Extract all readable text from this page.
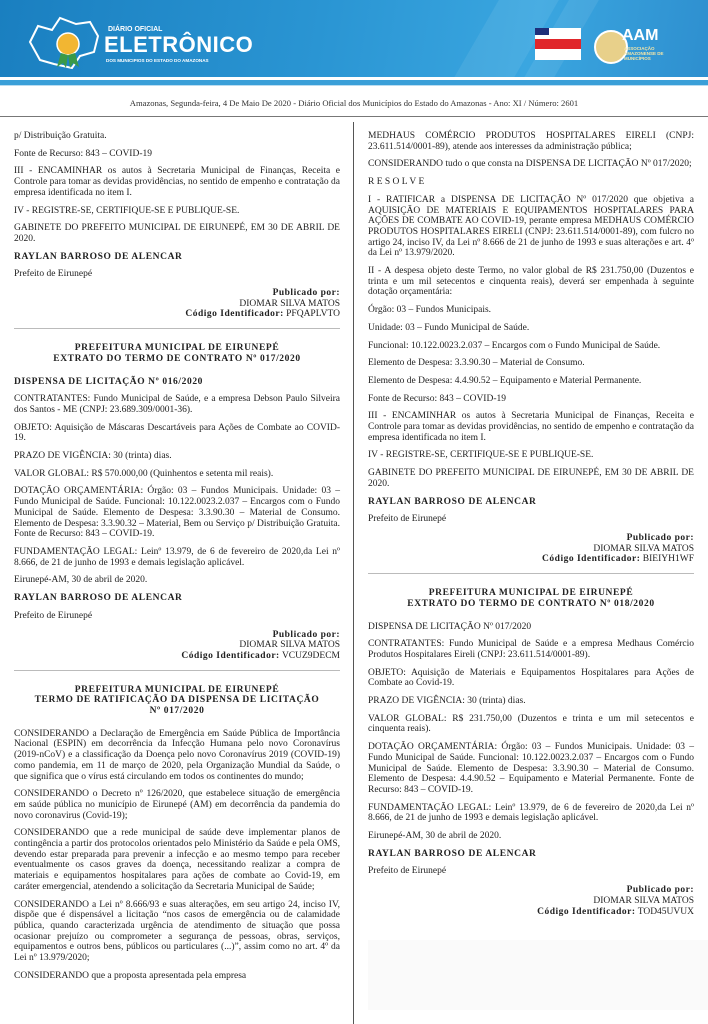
DIÁRIO OFICIAL
ELETRÔNICO
DOS MUNICIPIOS DO ESTADO DO AMAZONAS
AAM
ASSOCIAÇÃO AMAZONENSE DE MUNICÍPIOS
Amazonas, Segunda-feira, 4 De Maio De 2020 - Diário Oficial dos Municípios do Estado do Amazonas - Ano: XI / Número: 2601

p/ Distribuição Gratuita.

Fonte de Recurso: 843 – COVID-19

III - ENCAMINHAR os autos à Secretaria Municipal de Finanças, Receita e Controle para tomar as devidas providências, no sentido de empenho e contratação da empresa identificada no item I.

IV - REGISTRE-SE, CERTIFIQUE-SE E PUBLIQUE-SE.

GABINETE DO PREFEITO MUNICIPAL DE EIRUNEPÉ, EM 30 DE ABRIL DE 2020.

RAYLAN BARROSO DE ALENCAR

Prefeito de Eirunepé

Publicado por:
DIOMAR SILVA MATOS
Código Identificador: PFQAPLVTO
PREFEITURA MUNICIPAL DE EIRUNEPÉ
EXTRATO DO TERMO DE CONTRATO Nº 017/2020

DISPENSA DE LICITAÇÃO Nº 016/2020

CONTRATANTES: Fundo Municipal de Saúde, e a empresa Debson Paulo Silveira dos Santos - ME (CNPJ: 23.689.309/0001-36).

OBJETO: Aquisição de Máscaras Descartáveis para Ações de Combate ao COVID-19.

PRAZO DE VIGÊNCIA: 30 (trinta) dias.

VALOR GLOBAL: R$ 570.000,00 (Quinhentos e setenta mil reais).

DOTAÇÃO ORÇAMENTÁRIA: Órgão: 03 – Fundos Municipais. Unidade: 03 – Fundo Municipal de Saúde. Funcional: 10.122.0023.2.037 – Encargos com o Fundo Municipal de Saúde. Elemento de Despesa: 3.3.90.30 – Material de Consumo. Elemento de Despesa: 3.3.90.32 – Material, Bem ou Serviço p/ Distribuição Gratuita. Fonte de Recurso: 843 – COVID-19.

FUNDAMENTAÇÃO LEGAL: Leinº 13.979, de 6 de fevereiro de 2020,da Lei nº 8.666, de 21 de junho de 1993 e demais legislação aplicável.

Eirunepé-AM, 30 de abril de 2020.

RAYLAN BARROSO DE ALENCAR

Prefeito de Eirunepé

Publicado por:
DIOMAR SILVA MATOS
Código Identificador: VCUZ9DECM
PREFEITURA MUNICIPAL DE EIRUNEPÉ
TERMO DE RATIFICAÇÃO DA DISPENSA DE LICITAÇÃO
Nº 017/2020

CONSIDERANDO a Declaração de Emergência em Saúde Pública de Importância Nacional (ESPIN) em decorrência da Infecção Humana pelo novo Coronavírus (2019-nCoV) e a classificação da Doença pelo novo Coronavírus 2019 (COVID-19) como pandemia, em 11 de março de 2020, pela Organização Mundial da Saúde, o que significa que o vírus está circulando em todos os continentes do mundo;

CONSIDERANDO o Decreto nº 126/2020, que estabelece situação de emergência em saúde pública no município de Eirunepé (AM) em decorrência da pandemia do novo coronavirus (Covid-19);

CONSIDERANDO que a rede municipal de saúde deve implementar planos de contingência a partir dos protocolos orientados pelo Ministério da Saúde e pela OMS, devendo estar preparada para prevenir a infecção e ao mesmo tempo para receber eventualmente os casos graves da doença, necessitando realizar a compra de materiais e equipamentos hospitalares para ações de combate ao Covid-19, em caráter emergencial, atendendo a solicitação da Secretaria Municipal de Saúde;

CONSIDERANDO a Lei nº 8.666/93 e suas alterações, em seu artigo 24, inciso IV, dispõe que é dispensável a licitação “nos casos de emergência ou de calamidade pública, quando caracterizada urgência de atendimento de situação que possa ocasionar prejuízo ou comprometer a segurança de pessoas, obras, serviços, equipamentos e outros bens, públicos ou particulares (...)”, assim como no art. 4º da Lei nº 13.979/2020;

CONSIDERANDO que a proposta apresentada pela empresa

MEDHAUS COMÉRCIO PRODUTOS HOSPITALARES EIRELI (CNPJ: 23.611.514/0001-89), atende aos interesses da administração pública;

CONSIDERANDO tudo o que consta na DISPENSA DE LICITAÇÃO Nº 017/2020;

R E S O L V E

I - RATIFICAR a DISPENSA DE LICITAÇÃO Nº 017/2020 que objetiva a AQUISIÇÃO DE MATERIAIS E EQUIPAMENTOS HOSPITALARES PARA AÇÕES DE COMBATE AO COVID-19, perante empresa MEDHAUS COMÉRCIO PRODUTOS HOSPITALARES EIRELI (CNPJ: 23.611.514/0001-89), com fulcro no artigo 24, inciso IV, da Lei nº 8.666 de 21 de junho de 1993 e suas alterações e art. 4º da Lei nº 13.979/2020.

II - A despesa objeto deste Termo, no valor global de R$ 231.750,00 (Duzentos e trinta e um mil setecentos e cinquenta reais), deverá ser empenhada à seguinte dotação orçamentária:

Órgão: 03 – Fundos Municipais.

Unidade: 03 – Fundo Municipal de Saúde.

Funcional: 10.122.0023.2.037 – Encargos com o Fundo Municipal de Saúde.

Elemento de Despesa: 3.3.90.30 – Material de Consumo.

Elemento de Despesa: 4.4.90.52 – Equipamento e Material Permanente.

Fonte de Recurso: 843 – COVID-19

III - ENCAMINHAR os autos à Secretaria Municipal de Finanças, Receita e Controle para tomar as devidas providências, no sentido de empenho e contratação da empresa identificada no item I.

IV - REGISTRE-SE, CERTIFIQUE-SE E PUBLIQUE-SE.

GABINETE DO PREFEITO MUNICIPAL DE EIRUNEPÉ, EM 30 DE ABRIL DE 2020.

RAYLAN BARROSO DE ALENCAR

Prefeito de Eirunepé

Publicado por:
DIOMAR SILVA MATOS
Código Identificador: BIEIYH1WF
PREFEITURA MUNICIPAL DE EIRUNEPÉ
EXTRATO DO TERMO DE CONTRATO Nº 018/2020

DISPENSA DE LICITAÇÃO Nº 017/2020

CONTRATANTES: Fundo Municipal de Saúde e a empresa Medhaus Comércio Produtos Hospitalares Eireli (CNPJ: 23.611.514/0001-89).

OBJETO: Aquisição de Materiais e Equipamentos Hospitalares para Ações de Combate ao Covid-19.

PRAZO DE VIGÊNCIA: 30 (trinta) dias.

VALOR GLOBAL: R$ 231.750,00 (Duzentos e trinta e um mil setecentos e cinquenta reais).

DOTAÇÃO ORÇAMENTÁRIA: Órgão: 03 – Fundos Municipais. Unidade: 03 – Fundo Municipal de Saúde. Funcional: 10.122.0023.2.037 – Encargos com o Fundo Municipal de Saúde. Elemento de Despesa: 3.3.90.30 – Material de Consumo. Elemento de Despesa: 4.4.90.52 – Equipamento e Material Permanente. Fonte de Recurso: 843 – COVID-19.

FUNDAMENTAÇÃO LEGAL: Leinº 13.979, de 6 de fevereiro de 2020,da Lei nº 8.666, de 21 de junho de 1993 e demais legislação aplicável.

Eirunepé-AM, 30 de abril de 2020.

RAYLAN BARROSO DE ALENCAR

Prefeito de Eirunepé

Publicado por:
DIOMAR SILVA MATOS
Código Identificador: TOD45UVUX
